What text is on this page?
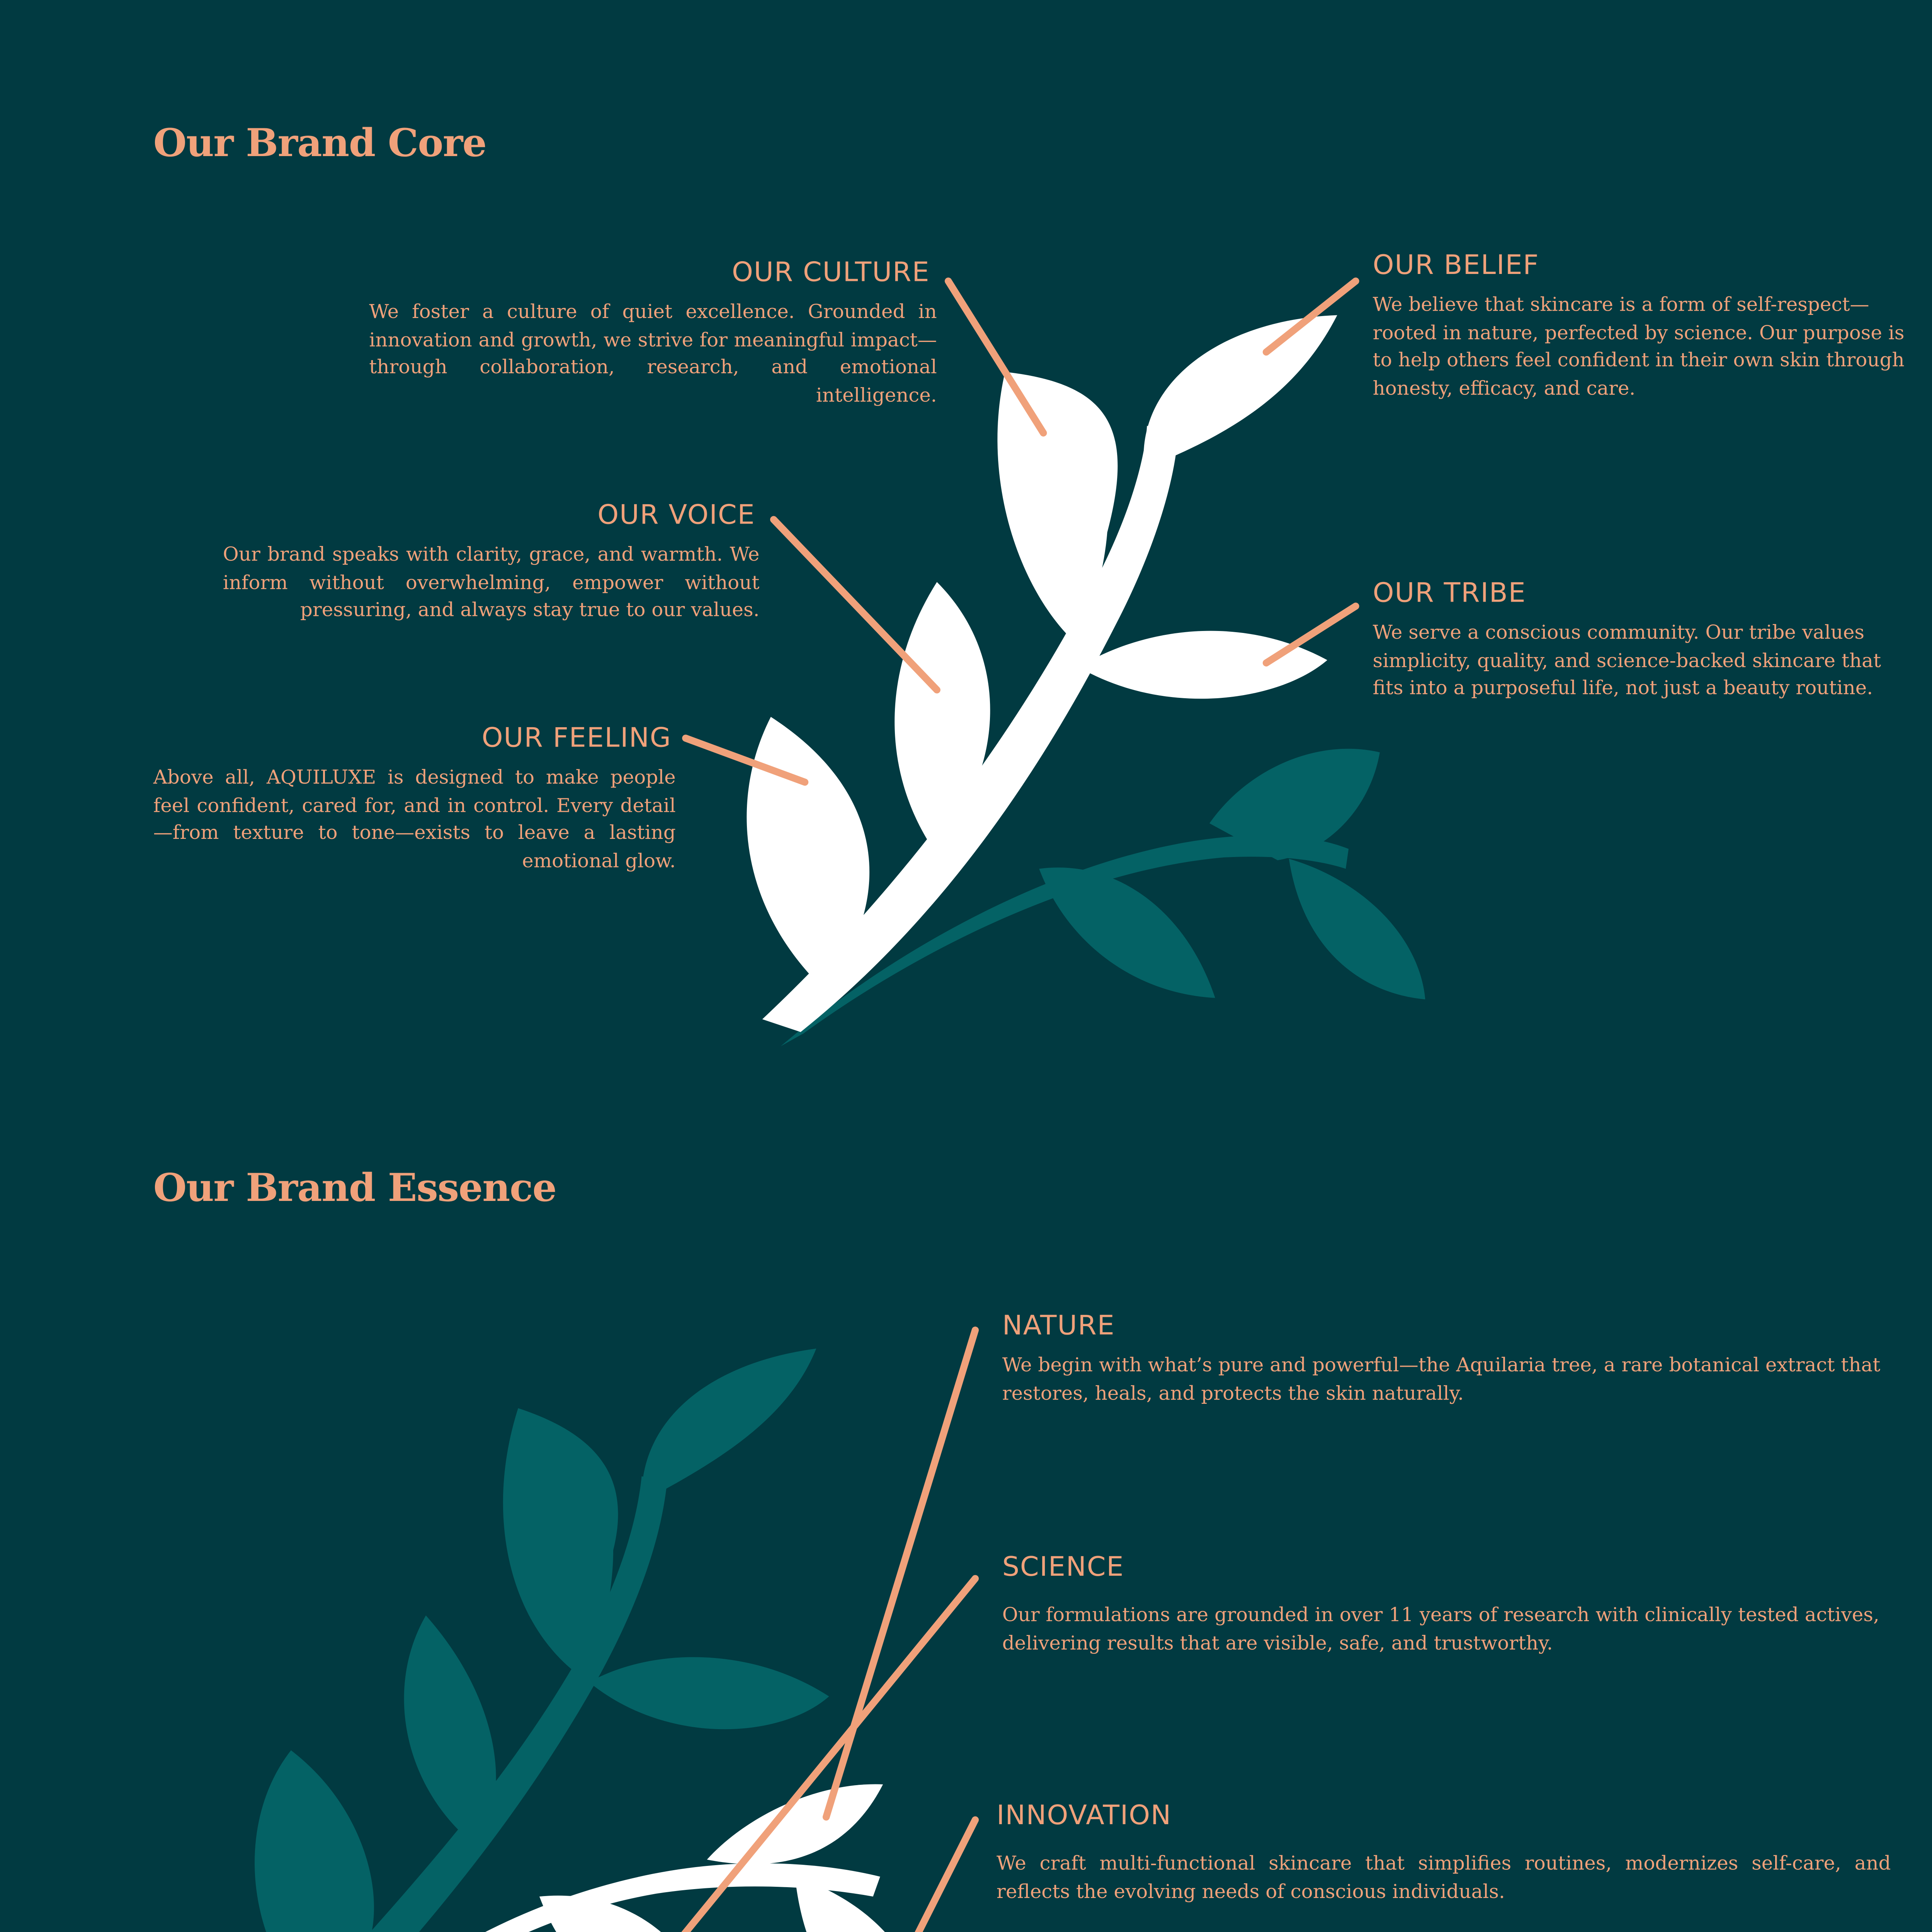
Our Brand Core
OUR CULTURE

We foster a culture of quiet excellence. Grounded in innovation and growth, we strive for meaningful impact—through collaboration, research, and emotional intelligence.

OUR BELIEF

We believe that skincare is a form of self-respect—rooted in nature, perfected by science. Our purpose is to help others feel confident in their own skin through honesty, efficacy, and care.

OUR VOICE

Our brand speaks with clarity, grace, and warmth. We inform without overwhelming, empower without pressuring, and always stay true to our values.

OUR TRIBE

We serve a conscious community. Our tribe values simplicity, quality, and science-backed skincare that fits into a purposeful life, not just a beauty routine.

OUR FEELING

Above all, AQUILUXE is designed to make people feel confident, cared for, and in control. Every detail—from texture to tone—exists to leave a lasting emotional glow.

Our Brand Essence
NATURE

We begin with what’s pure and powerful—the Aquilaria tree, a rare botanical extract that restores, heals, and protects the skin naturally.

SCIENCE

Our formulations are grounded in over 11 years of research with clinically tested actives, delivering results that are visible, safe, and trustworthy.

INNOVATION

We craft multi-functional skincare that simplifies routines, modernizes self-care, and reflects the evolving needs of conscious individuals.
